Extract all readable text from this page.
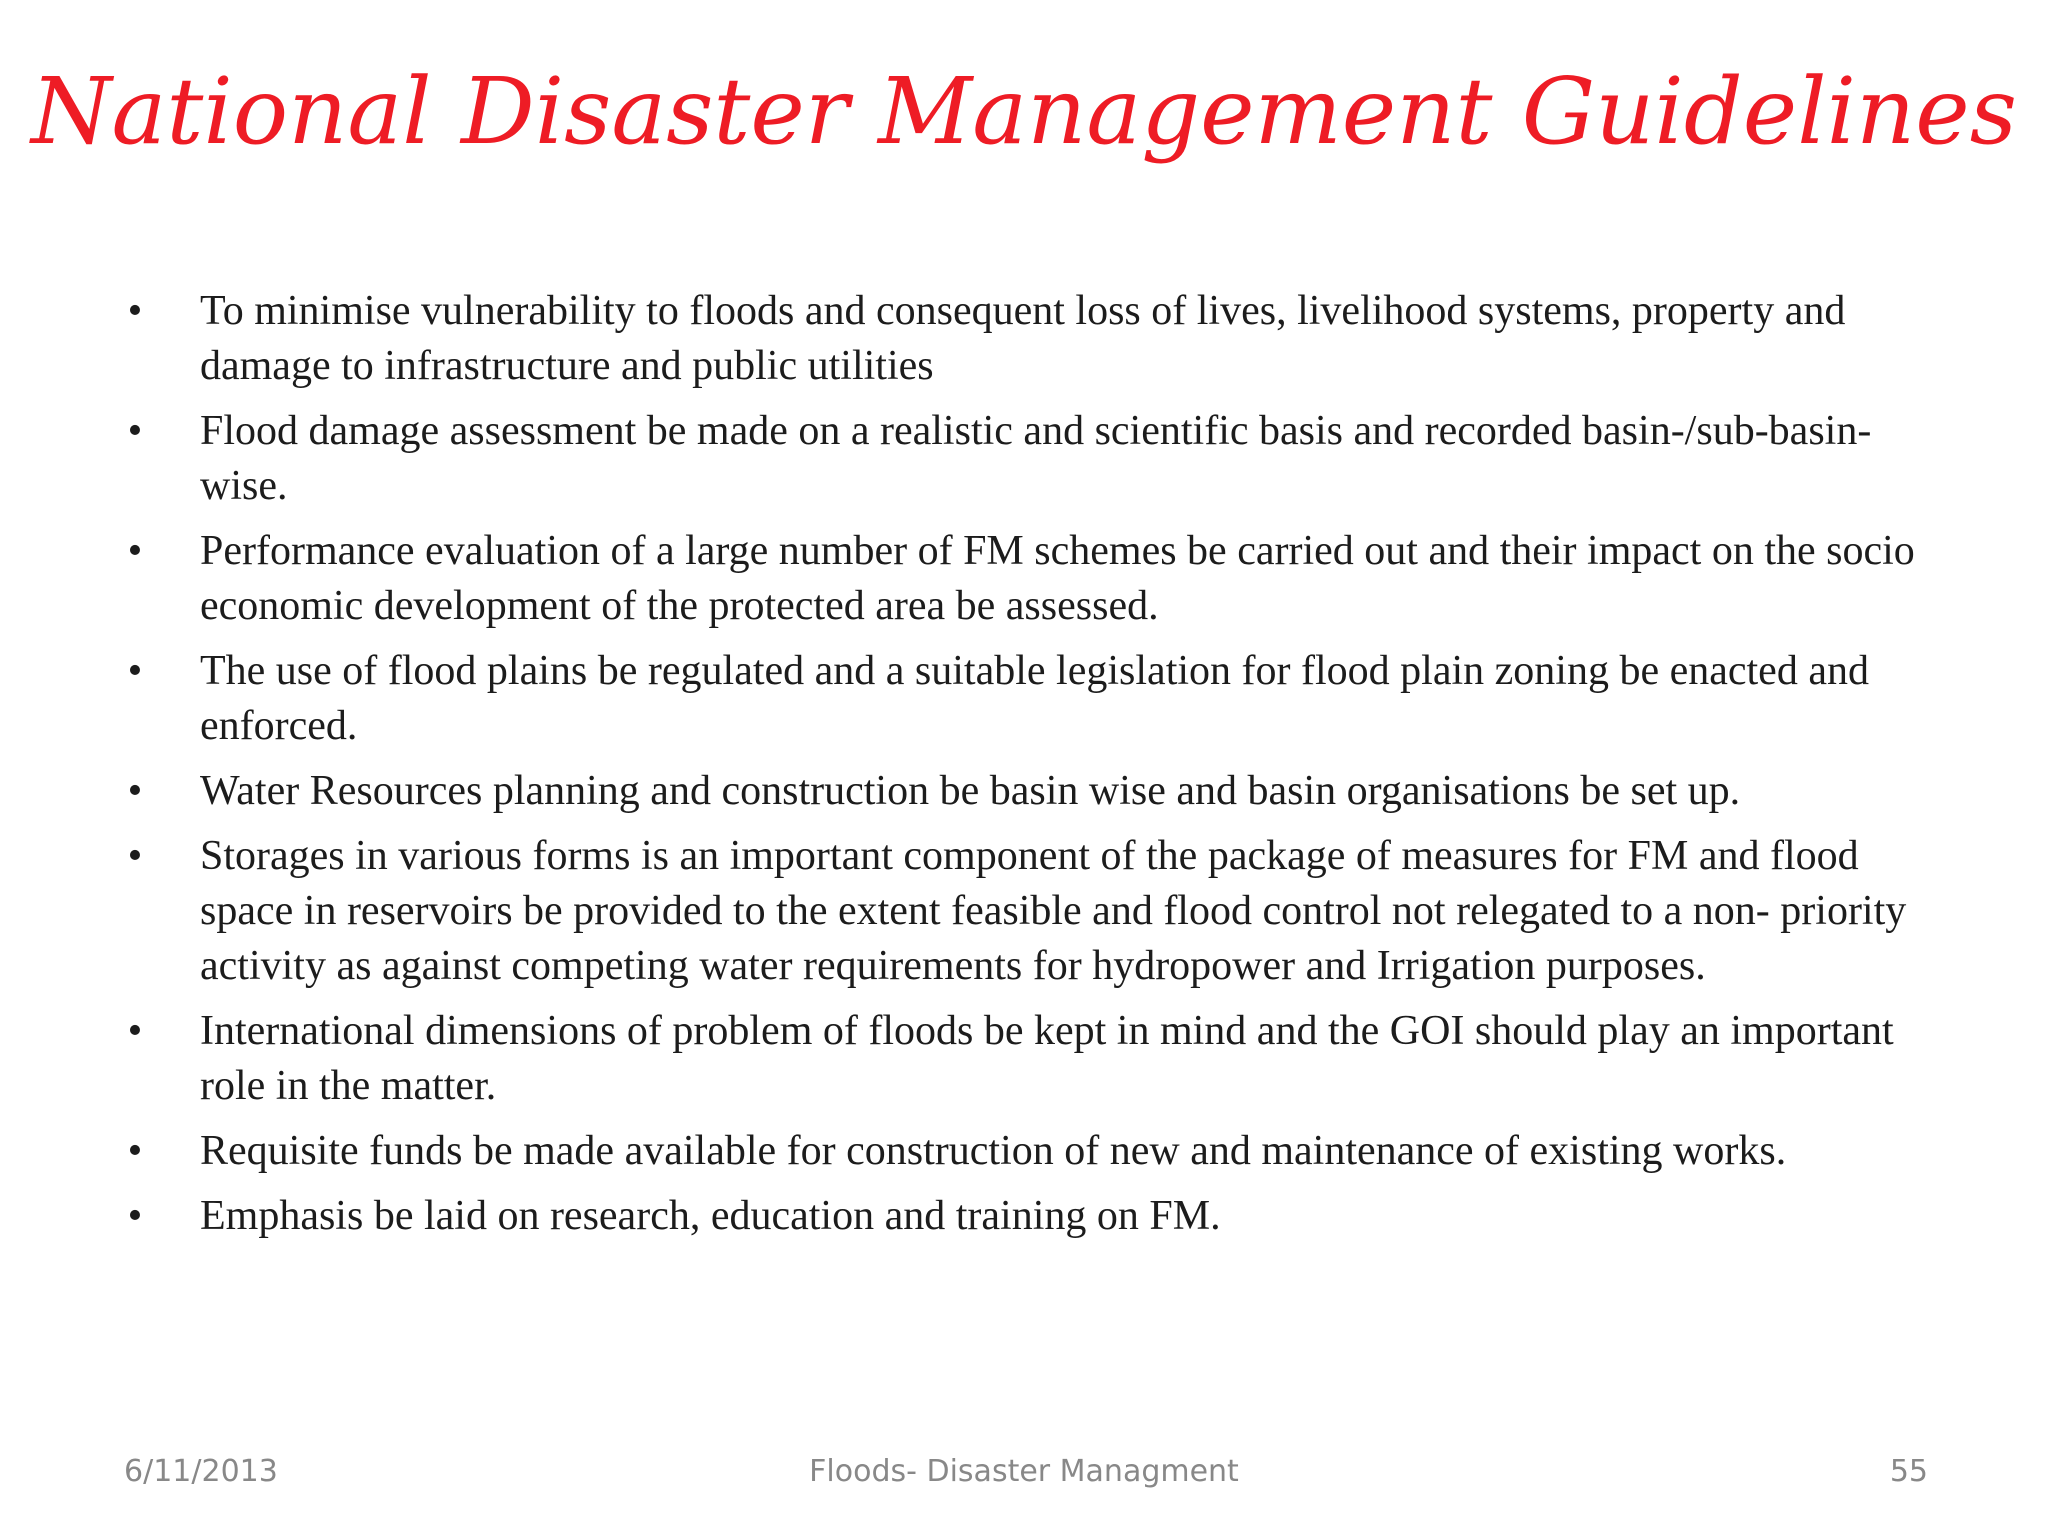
National Disaster Management Guidelines
• To minimise vulnerability to floods and consequent loss of lives, livelihood systems, property and damage to infrastructure and public utilities
• Flood damage assessment be made on a realistic and scientific basis and recorded basin-/sub-basin-wise.
• Performance evaluation of a large number of FM schemes be carried out and their impact on the socio economic development of the protected area be assessed.
• The use of flood plains be regulated and a suitable legislation for flood plain zoning be enacted and enforced.
• Water Resources planning and construction be basin wise and basin organisations be set up.
• Storages in various forms is an important component of the package of measures for FM and flood space in reservoirs be provided to the extent feasible and flood control not relegated to a non- priority activity as against competing water requirements for hydropower and Irrigation purposes.
• International dimensions of problem of floods be kept in mind and the GOI should play an important role in the matter.
• Requisite funds be made available for construction of new and maintenance of existing works.
• Emphasis be laid on research, education and training on FM.
6/11/2013	Floods- Disaster Managment	55
